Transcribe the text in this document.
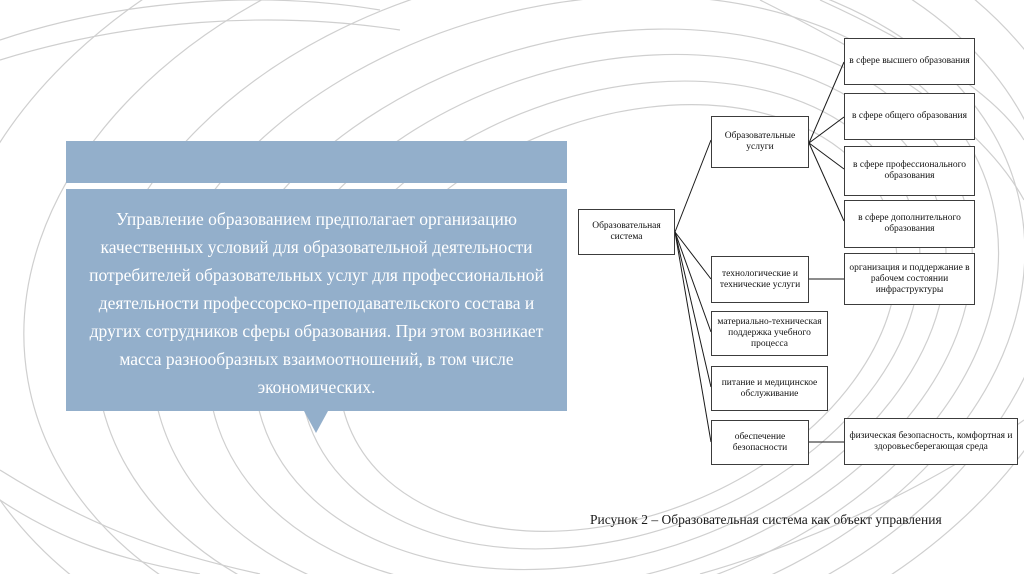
Управление образованием предполагает организацию качественных условий для образовательной деятельности потребителей образовательных услуг для профессиональной деятельности профессорско-преподавательского состава и других сотрудников сферы образования. При этом возникает масса разнообразных взаимоотношений, в том числе экономических.
Образовательная система
Образовательные услуги
в сфере высшего образования
в сфере общего образования
в сфере профессионального образования
в сфере дополнительного образования
технологические и технические услуги
организация и поддержание в рабочем состоянии инфраструктуры
материально-техническая поддержка учебного процесса
питание и медицинское обслуживание
обеспечение безопасности
физическая безопасность, комфортная и здоровьесберегающая среда
Рисунок 2 – Образовательная система как объект управления
